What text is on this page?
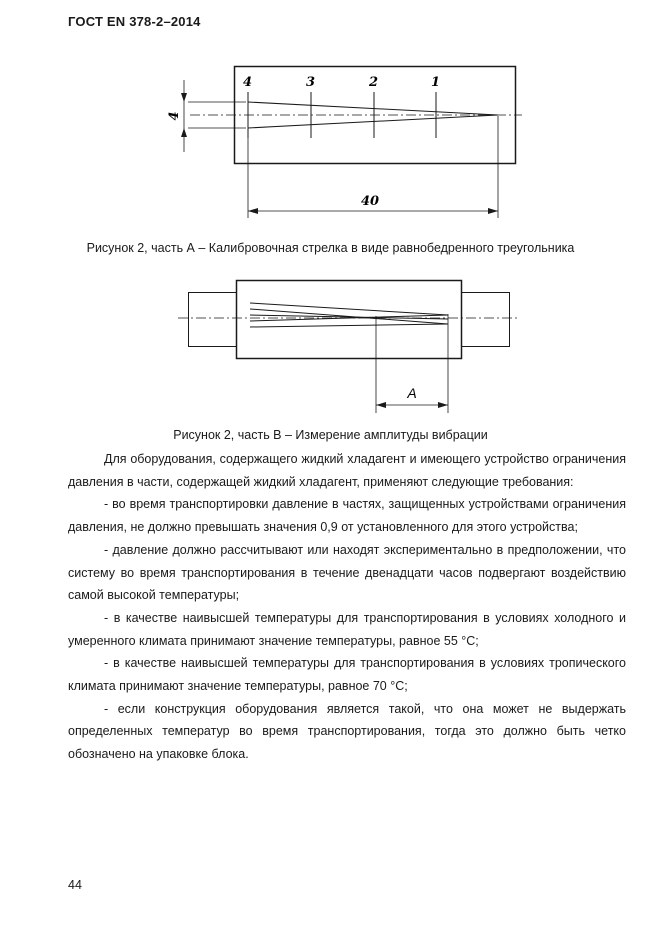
ГОСТ EN 378-2–2014
4	3	2	1
4
40
Рисунок 2, часть А – Калибровочная стрелка в виде равнобедренного треугольника
А
Рисунок 2, часть В – Измерение амплитуды вибрации

Для оборудования, содержащего жидкий хладагент и имеющего устройство ограничения давления в части, содержащей жидкий хладагент, применяют следующие требования:

- во время транспортировки давление в частях, защищенных устройствами ограничения давления, не должно превышать значения 0,9 от установленного для этого устройства;

- давление должно рассчитывают или находят экспериментально в предположении, что систему во время транспортирования в течение двенадцати часов подвергают воздействию самой высокой температуры;

- в качестве наивысшей температуры для транспортирования в условиях холодного и умеренного климата принимают значение температуры, равное 55 °C;

- в качестве наивысшей температуры для транспортирования в условиях тропического климата принимают значение температуры, равное 70 °C;

- если конструкция оборудования является такой, что она может не выдержать определенных температур во время транспортирования, тогда это должно быть четко обозначено на упаковке блока.

44
